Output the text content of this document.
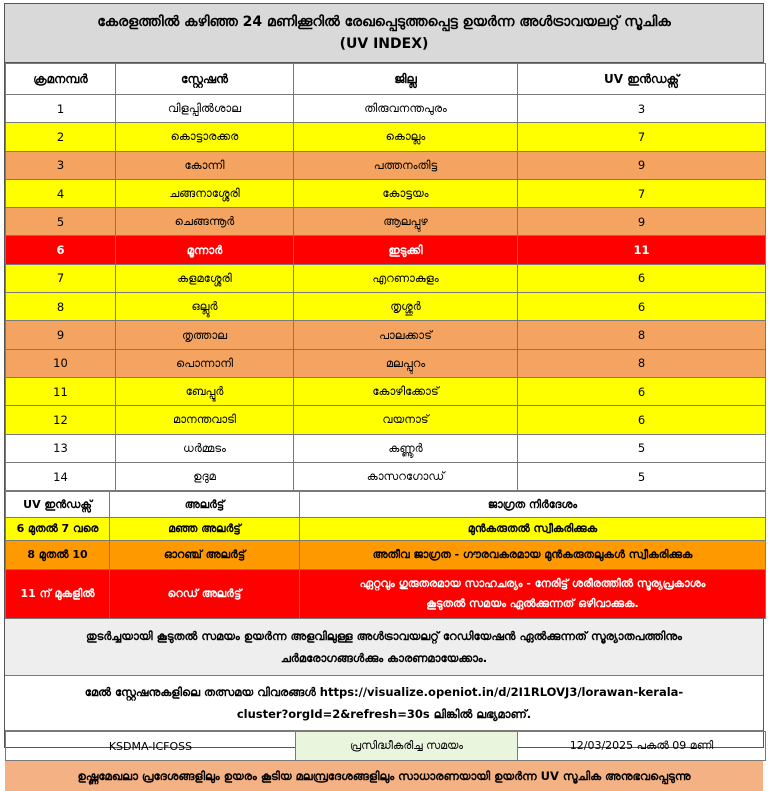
കേരളത്തിൽ കഴിഞ്ഞ 24 മണിക്കൂറിൽ രേഖപ്പെടുത്തപ്പെട്ട ഉയർന്ന അൾട്രാവയലറ്റ് സൂചിക
(UV INDEX)
ക്രമനമ്പർ	സ്റ്റേഷൻ	ജില്ല	UV ഇൻഡക്സ്
1	വിളപ്പിൽശാല	തിരുവനന്തപുരം	3
2	കൊട്ടാരക്കര	കൊല്ലം	7
3	കോന്നി	പത്തനംതിട്ട	9
4	ചങ്ങനാശ്ശേരി	കോട്ടയം	7
5	ചെങ്ങന്നൂർ	ആലപ്പുഴ	9
6	മൂന്നാർ	ഇടുക്കി	11
7	കളമശ്ശേരി	എറണാകുളം	6
8	ഒല്ലൂർ	തൃശ്ശൂർ	6
9	തൃത്താല	പാലക്കാട്	8
10	പൊന്നാനി	മലപ്പുറം	8
11	ബേപ്പൂർ	കോഴിക്കോട്	6
12	മാനന്തവാടി	വയനാട്	6
13	ധർമ്മടം	കണ്ണൂർ	5
14	ഉദുമ	കാസറഗോഡ്	5
UV ഇൻഡക്സ്	അലർട്ട്	ജാഗ്രത നിർദേശം
6 മുതൽ 7 വരെ	മഞ്ഞ അലർട്ട്	മുൻകരുതൽ സ്വീകരിക്കുക

8 മുതൽ 10	ഓറഞ്ച് അലർട്ട്	അതീവ ജാഗ്രത - ഗൗരവകരമായ മുൻകരുതലുകൾ സ്വീകരിക്കുക

11 ന് മുകളിൽ	റെഡ് അലർട്ട്	ഏറ്റവും ഗുരുതരമായ സാഹചര്യം - നേരിട്ട് ശരീരത്തിൽ സൂര്യപ്രകാശം
കൂടുതൽ സമയം ഏൽക്കുന്നത് ഒഴിവാക്കുക.
തുടർച്ചയായി കൂടുതൽ സമയം ഉയർന്ന അളവിലുള്ള അൾട്രാവയലറ്റ് റേഡിയേഷൻ ഏൽക്കുന്നത് സൂര്യാതപത്തിനും
ചർമരോഗങ്ങൾക്കും കാരണമായേക്കാം.
മേൽ സ്റ്റേഷനുകളിലെ തത്സമയ വിവരങ്ങൾ https://visualize.openiot.in/d/2I1RLOVJ3/lorawan-kerala-
cluster?orgId=2&refresh=30s ലിങ്കിൽ ലഭ്യമാണ്.
KSDMA-ICFOSS	പ്രസിദ്ധീകരിച്ച സമയം	12/03/2025 പകൽ 09 മണി
ഉഷ്ണമേഖലാ പ്രദേശങ്ങളിലും ഉയരം കൂടിയ മലമ്പ്രദേശങ്ങളിലും സാധാരണയായി ഉയർന്ന UV സൂചിക അനുഭവപ്പെടുന്നു
